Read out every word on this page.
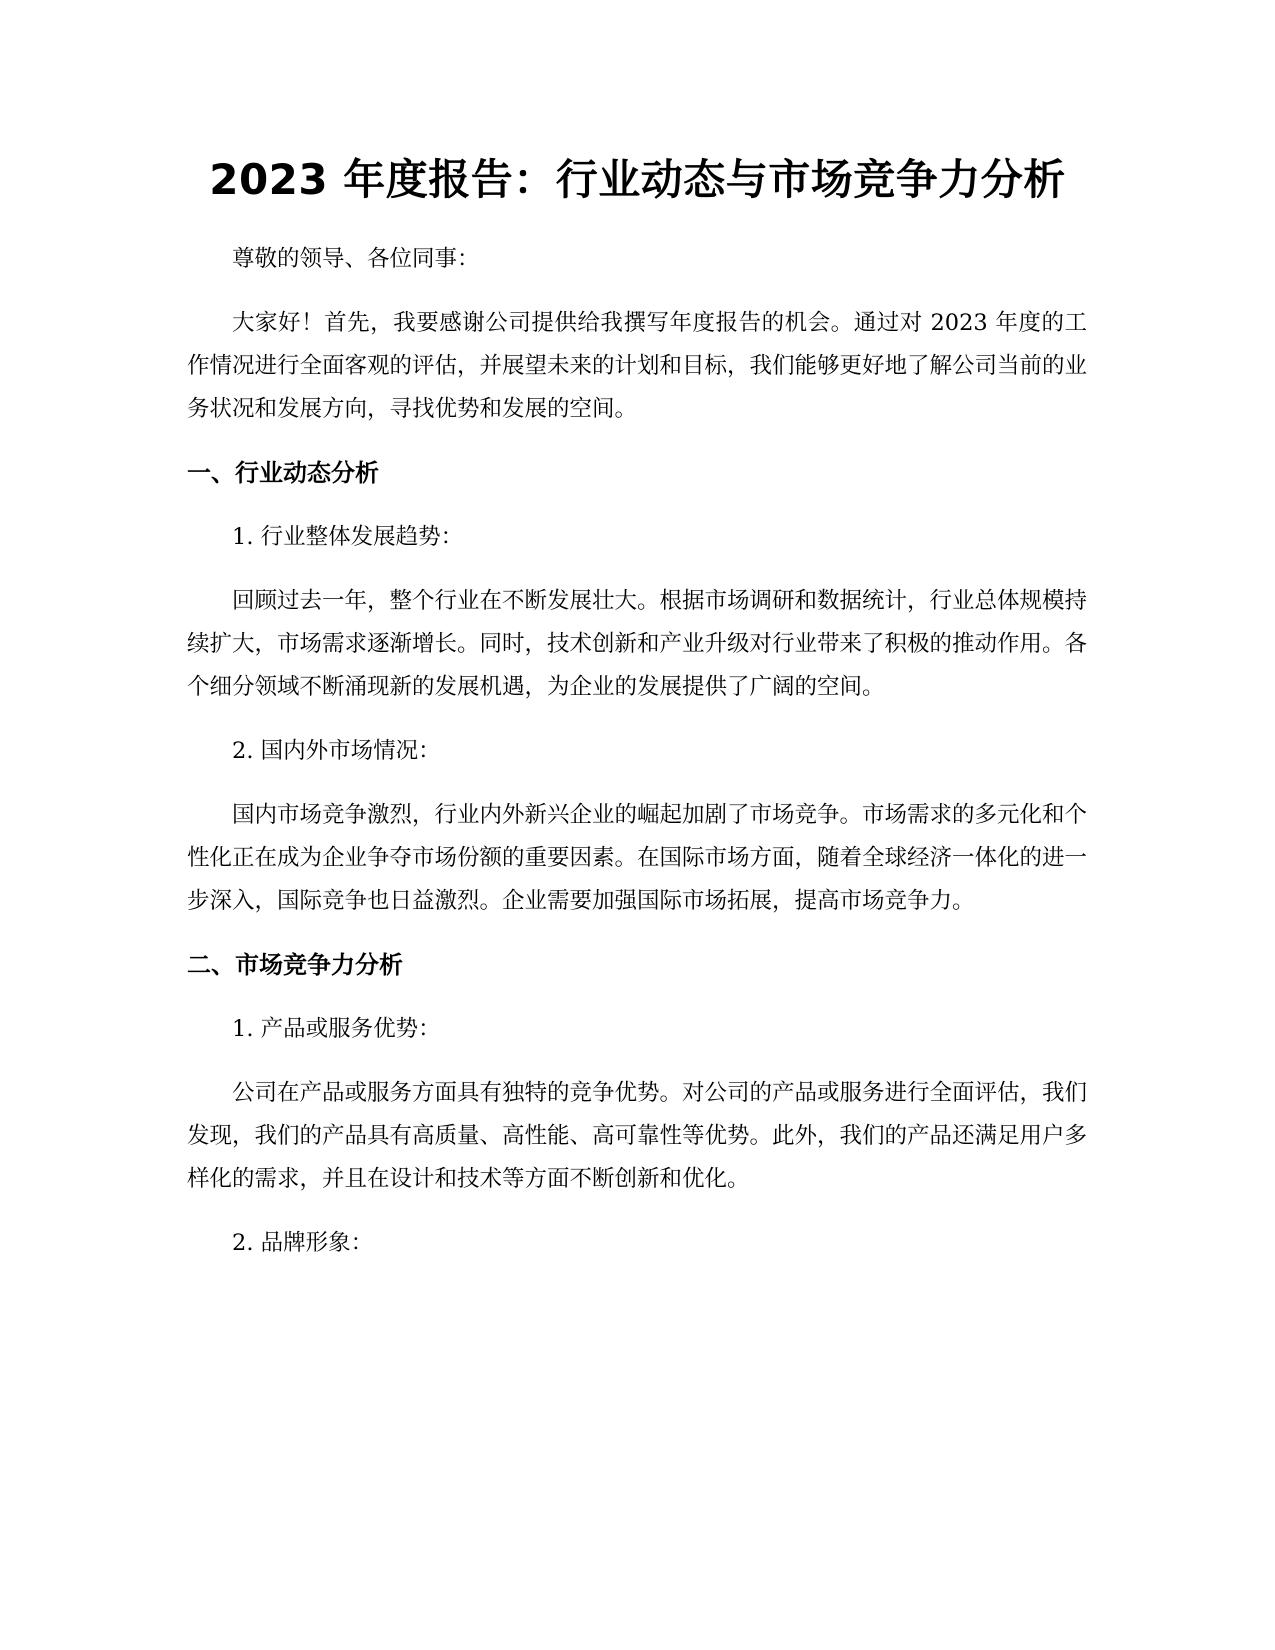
2023 年度报告：行业动态与市场竞争力分析

尊敬的领导、各位同事：

大家好！首先，我要感谢公司提供给我撰写年度报告的机会。通过对 2023 年度的工作情况进行全面客观的评估，并展望未来的计划和目标，我们能够更好地了解公司当前的业务状况和发展方向，寻找优势和发展的空间。

一、行业动态分析

1. 行业整体发展趋势：

回顾过去一年，整个行业在不断发展壮大。根据市场调研和数据统计，行业总体规模持续扩大，市场需求逐渐增长。同时，技术创新和产业升级对行业带来了积极的推动作用。各个细分领域不断涌现新的发展机遇，为企业的发展提供了广阔的空间。

2. 国内外市场情况：

国内市场竞争激烈，行业内外新兴企业的崛起加剧了市场竞争。市场需求的多元化和个性化正在成为企业争夺市场份额的重要因素。在国际市场方面，随着全球经济一体化的进一步深入，国际竞争也日益激烈。企业需要加强国际市场拓展，提高市场竞争力。

二、市场竞争力分析

1. 产品或服务优势：

公司在产品或服务方面具有独特的竞争优势。对公司的产品或服务进行全面评估，我们发现，我们的产品具有高质量、高性能、高可靠性等优势。此外，我们的产品还满足用户多样化的需求，并且在设计和技术等方面不断创新和优化。

2. 品牌形象：
